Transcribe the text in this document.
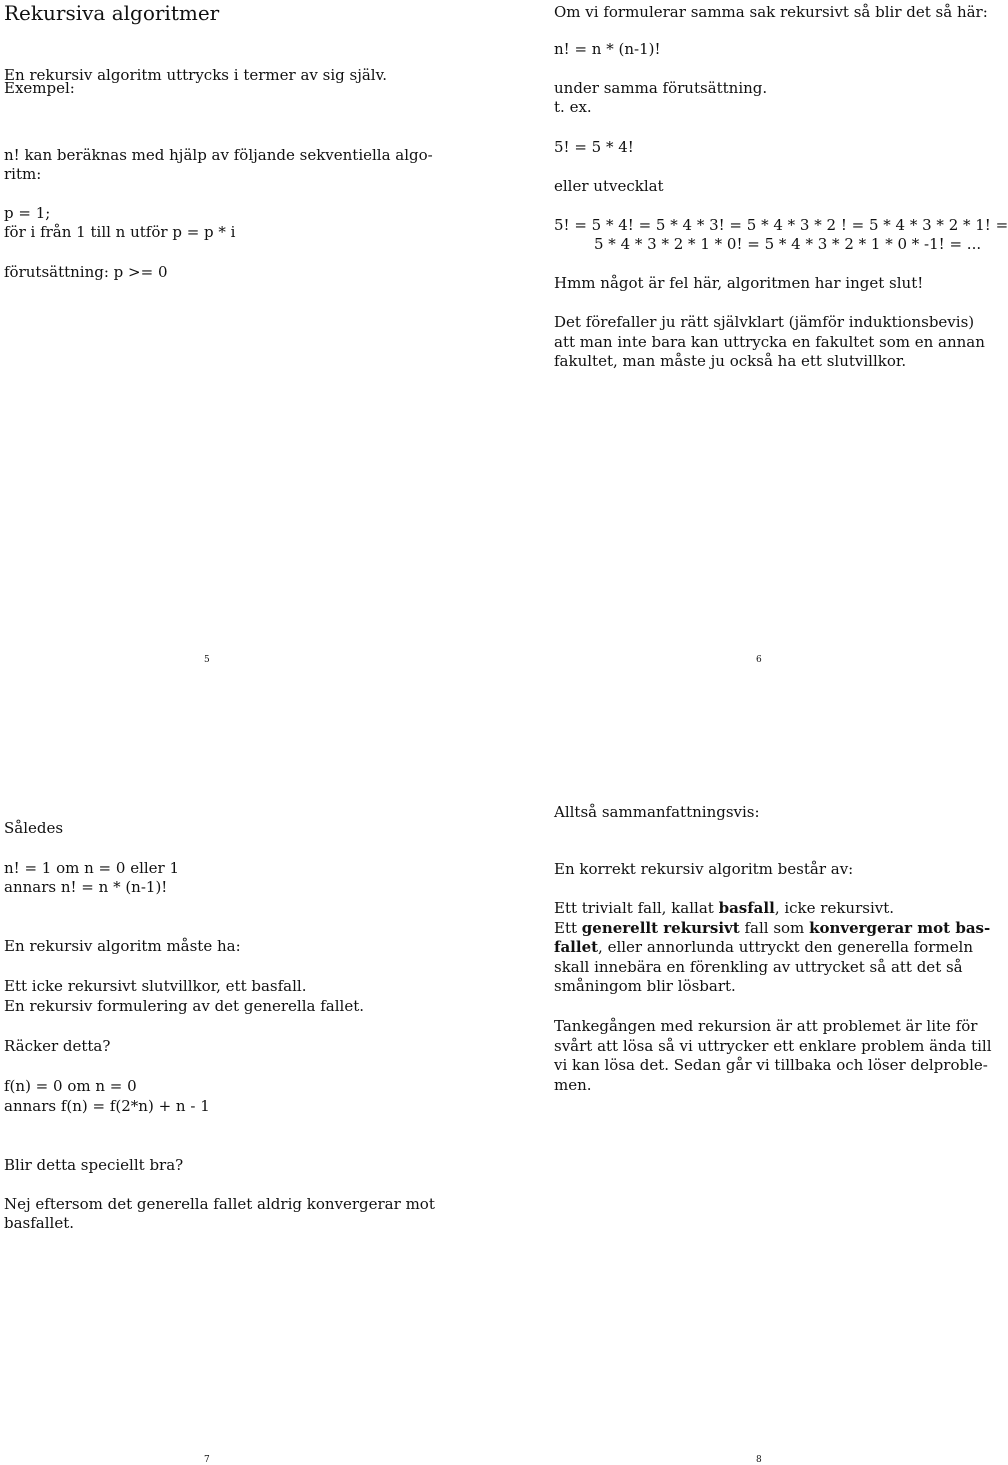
Rekursiva algoritmer
En rekursiv algoritm uttrycks i termer av sig själv.
Exempel:
n! kan beräknas med hjälp av följande sekventiella algo-
ritm:
p = 1;
för i från 1 till n utför p = p * i
förutsättning: p >= 0
5
Om vi formulerar samma sak rekursivt så blir det så här:
n! = n * (n-1)!
under samma förutsättning.
t. ex.
5! = 5 * 4!
eller utvecklat
5! = 5 * 4! = 5 * 4 * 3! = 5 * 4 * 3 * 2 ! = 5 * 4 * 3 * 2 * 1! =
5 * 4 * 3 * 2 * 1 * 0! = 5 * 4 * 3 * 2 * 1 * 0 * -1! = ...
Hmm något är fel här, algoritmen har inget slut!
Det förefaller ju rätt självklart (jämför induktionsbevis)
att man inte bara kan uttrycka en fakultet som en annan
fakultet, man måste ju också ha ett slutvillkor.
6
Således
n! = 1 om n = 0 eller 1
annars n! = n * (n-1)!
En rekursiv algoritm måste ha:
Ett icke rekursivt slutvillkor, ett basfall.
En rekursiv formulering av det generella fallet.
Räcker detta?
f(n) = 0 om n = 0
annars f(n) = f(2*n) + n - 1
Blir detta speciellt bra?
Nej eftersom det generella fallet aldrig konvergerar mot
basfallet.
7
Alltså sammanfattningsvis:
En korrekt rekursiv algoritm består av:
Ett trivialt fall, kallat basfall, icke rekursivt.
Ett generellt rekursivt fall som konvergerar mot bas-
fallet, eller annorlunda uttryckt den generella formeln
skall innebära en förenkling av uttrycket så att det så
småningom blir lösbart.
Tankegången med rekursion är att problemet är lite för
svårt att lösa så vi uttrycker ett enklare problem ända till
vi kan lösa det. Sedan går vi tillbaka och löser delproble-
men.
8
